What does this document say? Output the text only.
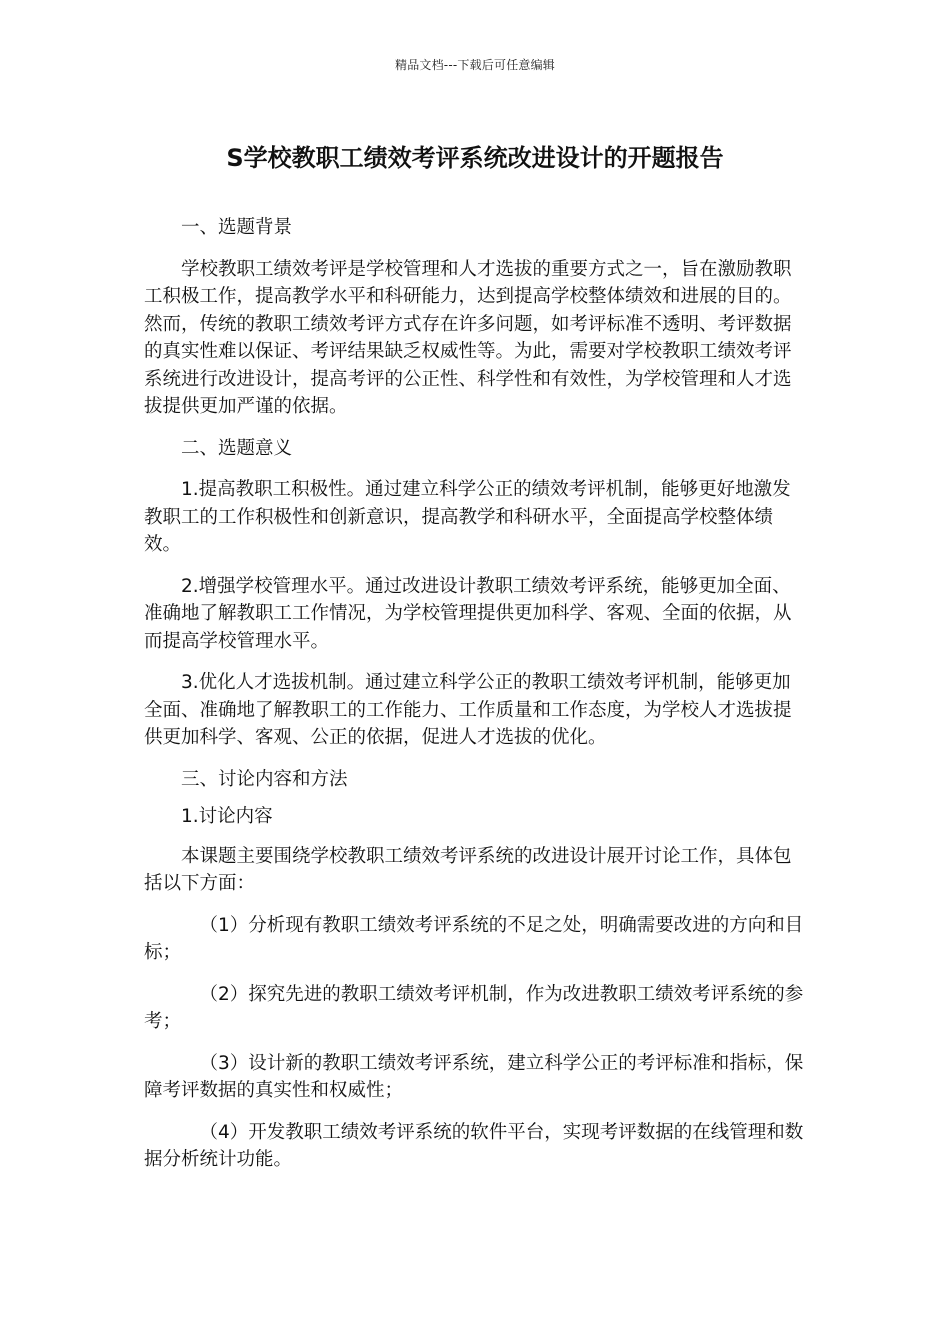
精品文档---下载后可任意编辑
S学校教职工绩效考评系统改进设计的开题报告

一、选题背景

学校教职工绩效考评是学校管理和人才选拔的重要方式之一，旨在激励教职工积极工作，提高教学水平和科研能力，达到提高学校整体绩效和进展的目的。然而，传统的教职工绩效考评方式存在许多问题，如考评标准不透明、考评数据的真实性难以保证、考评结果缺乏权威性等。为此，需要对学校教职工绩效考评系统进行改进设计，提高考评的公正性、科学性和有效性，为学校管理和人才选拔提供更加严谨的依据。

二、选题意义

1.提高教职工积极性。通过建立科学公正的绩效考评机制，能够更好地激发教职工的工作积极性和创新意识，提高教学和科研水平，全面提高学校整体绩效。

2.增强学校管理水平。通过改进设计教职工绩效考评系统，能够更加全面、准确地了解教职工工作情况，为学校管理提供更加科学、客观、全面的依据，从而提高学校管理水平。

3.优化人才选拔机制。通过建立科学公正的教职工绩效考评机制，能够更加全面、准确地了解教职工的工作能力、工作质量和工作态度，为学校人才选拔提供更加科学、客观、公正的依据，促进人才选拔的优化。

三、讨论内容和方法

1.讨论内容

本课题主要围绕学校教职工绩效考评系统的改进设计展开讨论工作，具体包括以下方面：

（1）分析现有教职工绩效考评系统的不足之处，明确需要改进的方向和目标；

（2）探究先进的教职工绩效考评机制，作为改进教职工绩效考评系统的参考；

（3）设计新的教职工绩效考评系统，建立科学公正的考评标准和指标，保障考评数据的真实性和权威性；

（4）开发教职工绩效考评系统的软件平台，实现考评数据的在线管理和数据分析统计功能。
